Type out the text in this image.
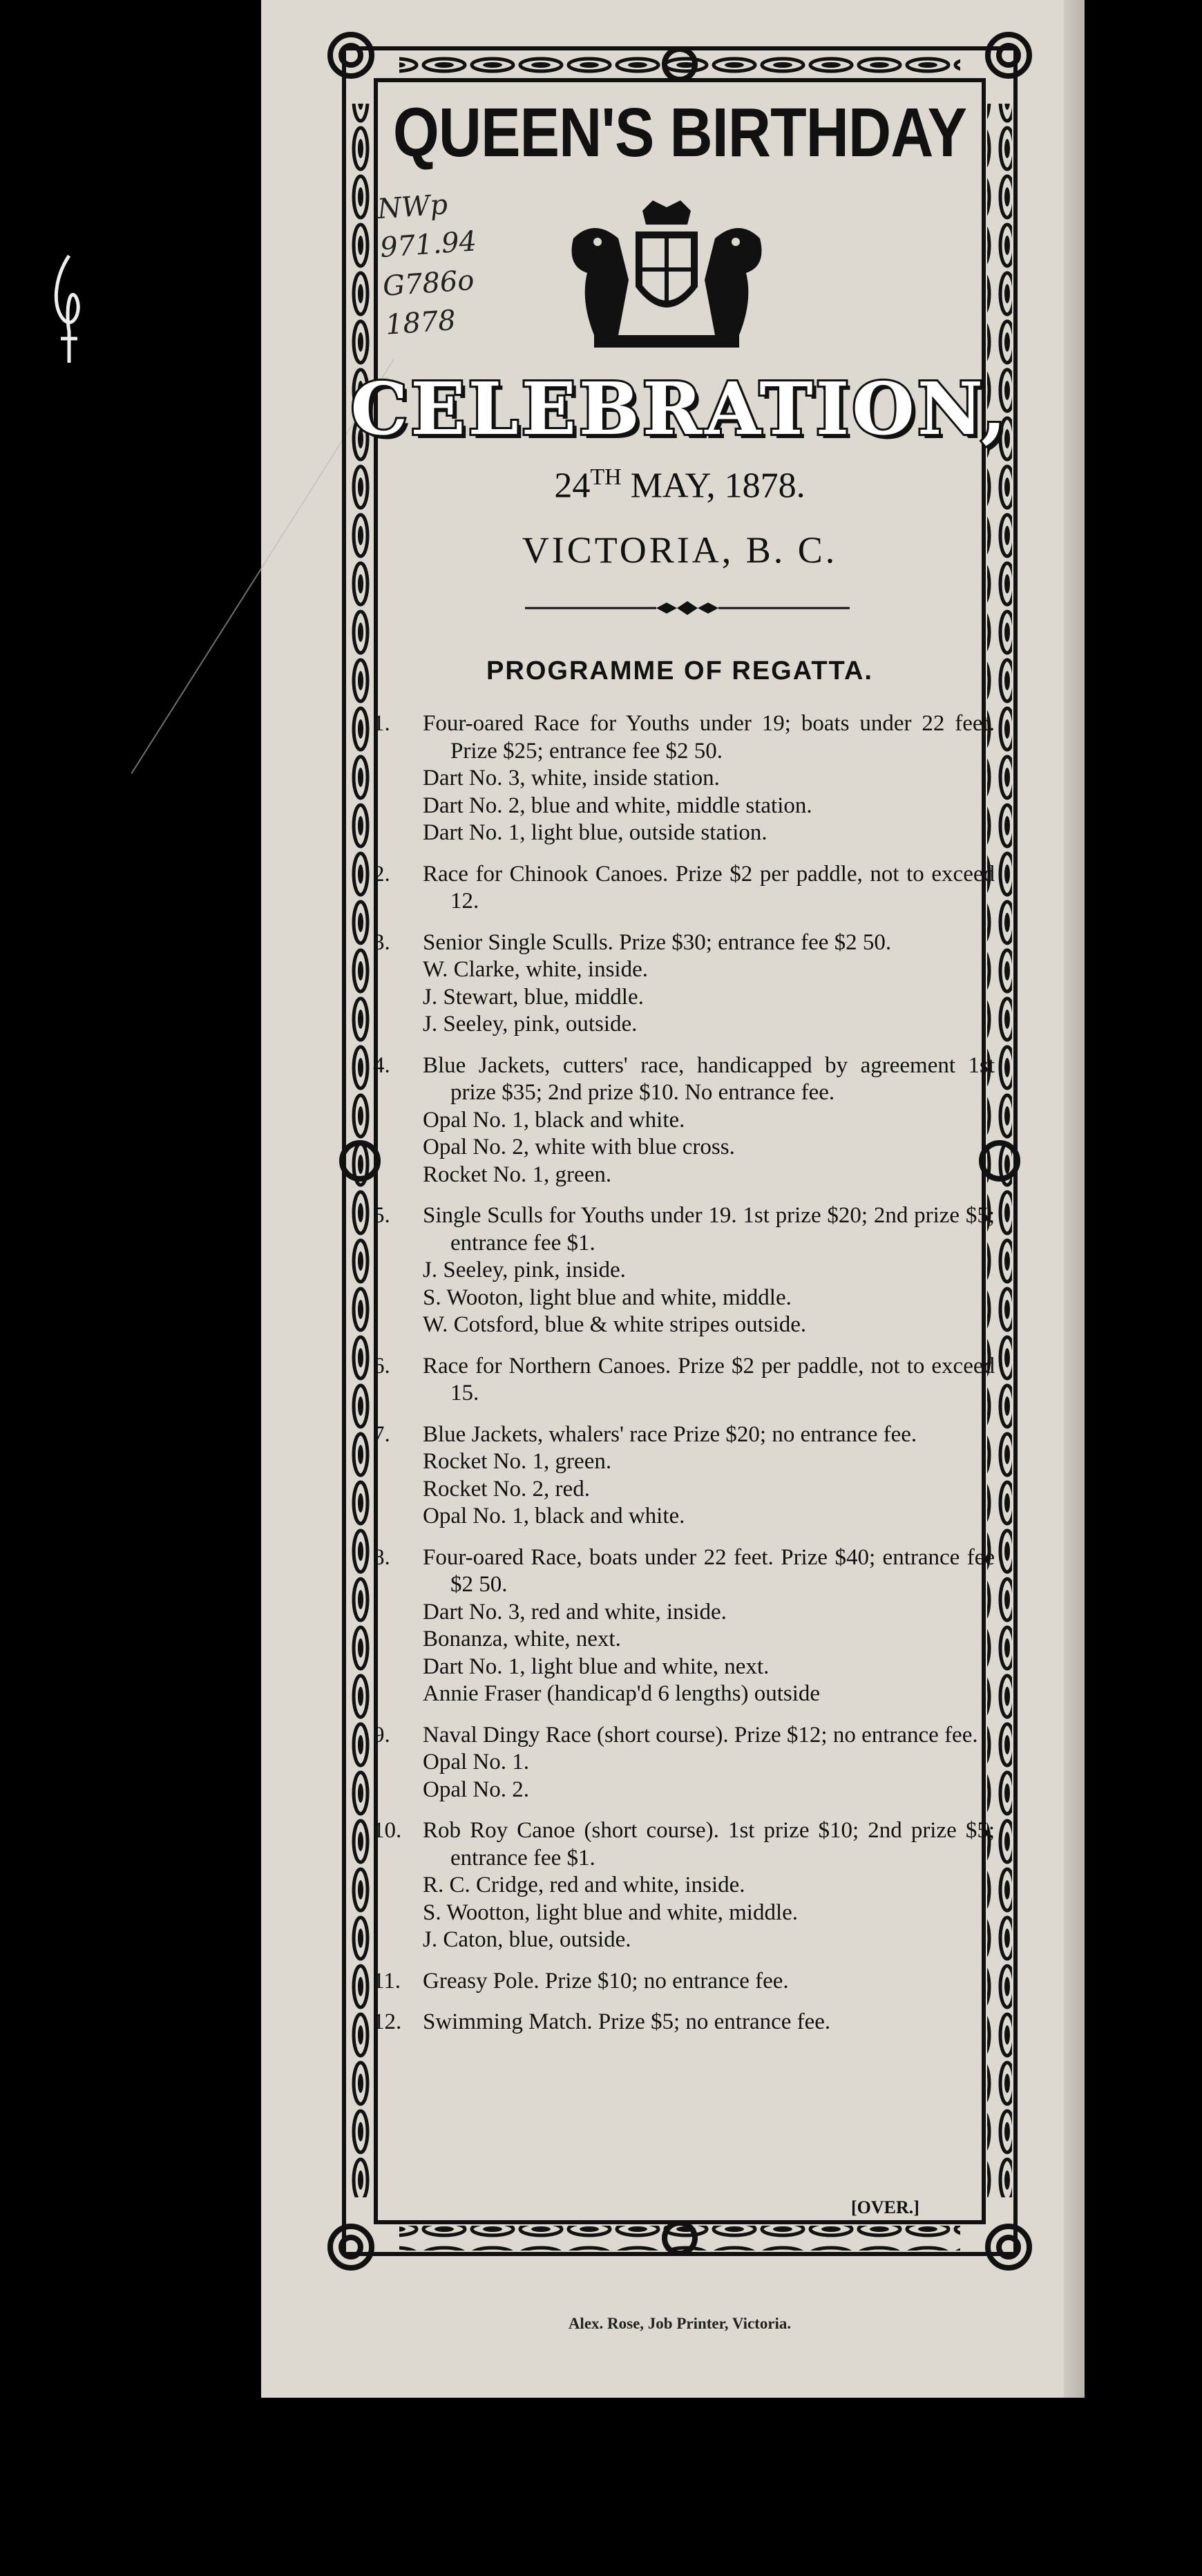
QUEEN'S BIRTHDAY
CELEBRATION,
24TH MAY, 1878.
VICTORIA, B. C.
PROGRAMME OF REGATTA.
1. Four-oared Race for Youths under 19; boats under 22 feet. Prize $25; entrance fee $2 50.
Dart No. 3, white, inside station.
Dart No. 2, blue and white, middle station.
Dart No. 1, light blue, outside station.
2. Race for Chinook Canoes. Prize $2 per paddle, not to exceed 12.
3. Senior Single Sculls. Prize $30; entrance fee $2 50.
W. Clarke, white, inside.
J. Stewart, blue, middle.
J. Seeley, pink, outside.
4. Blue Jackets, cutters' race, handicapped by agreement 1st prize $35; 2nd prize $10. No entrance fee.
Opal No. 1, black and white.
Opal No. 2, white with blue cross.
Rocket No. 1, green.
5. Single Sculls for Youths under 19. 1st prize $20; 2nd prize $5; entrance fee $1.
J. Seeley, pink, inside.
S. Wooton, light blue and white, middle.
W. Cotsford, blue & white stripes outside.
6. Race for Northern Canoes. Prize $2 per paddle, not to exceed 15.
7. Blue Jackets, whalers' race Prize $20; no entrance fee.
Rocket No. 1, green.
Rocket No. 2, red.
Opal No. 1, black and white.
8. Four-oared Race, boats under 22 feet. Prize $40; entrance fee $2 50.
Dart No. 3, red and white, inside.
Bonanza, white, next.
Dart No. 1, light blue and white, next.
Annie Fraser (handicap'd 6 lengths) outside
9. Naval Dingy Race (short course). Prize $12; no entrance fee.
Opal No. 1.
Opal No. 2.
10. Rob Roy Canoe (short course). 1st prize $10; 2nd prize $5; entrance fee $1.
R. C. Cridge, red and white, inside.
S. Wootton, light blue and white, middle.
J. Caton, blue, outside.
11. Greasy Pole. Prize $10; no entrance fee.
12. Swimming Match. Prize $5; no entrance fee.
[OVER.]
Alex. Rose, Job Printer, Victoria.
NWp
971.94
G786o
1878
